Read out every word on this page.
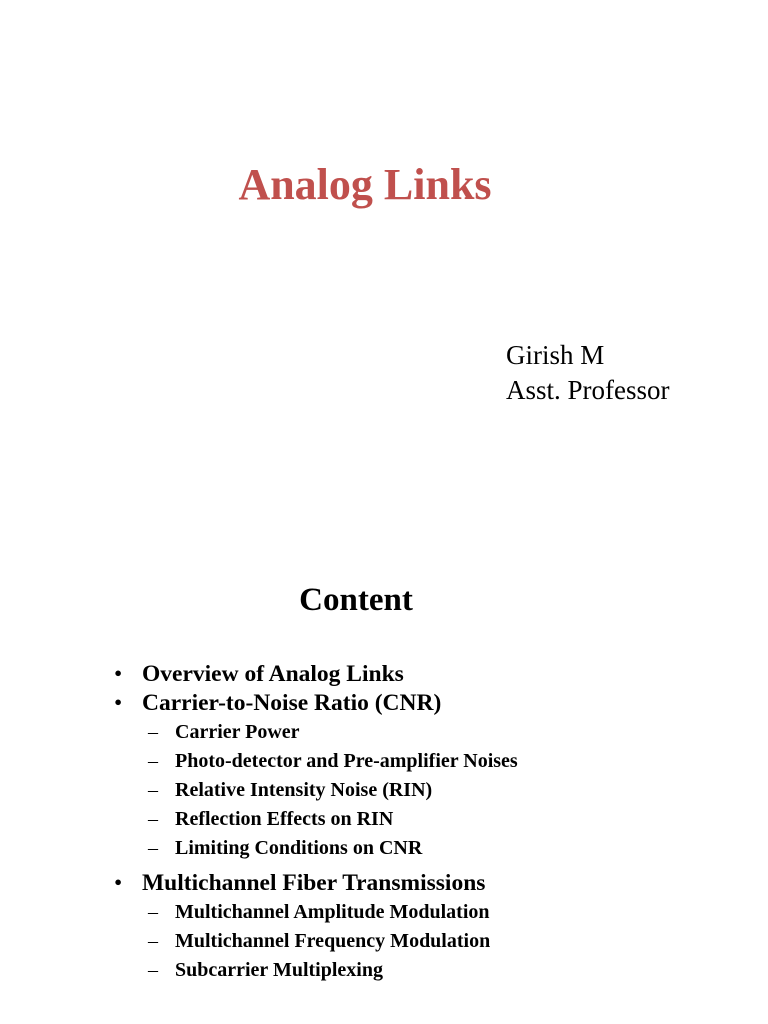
Analog Links
Girish M
Asst. Professor
Content
• Overview of Analog Links
• Carrier-to-Noise Ratio (CNR)
– Carrier Power
– Photo-detector and Pre-amplifier Noises
– Relative Intensity Noise (RIN)
– Reflection Effects on RIN
– Limiting Conditions on CNR
• Multichannel Fiber Transmissions
– Multichannel Amplitude Modulation
– Multichannel Frequency Modulation
– Subcarrier Multiplexing
